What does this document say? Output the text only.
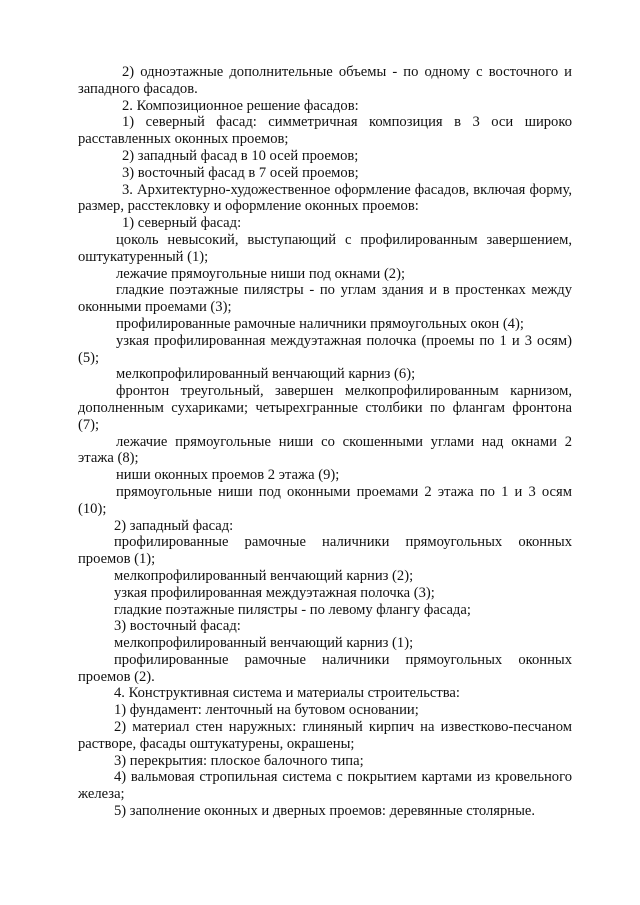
2) одноэтажные дополнительные объемы - по одному с восточного и западного фасадов.

2. Композиционное решение фасадов:

1) северный фасад: симметричная композиция в 3 оси широко расставленных оконных проемов;

2) западный фасад в 10 осей проемов;

3) восточный фасад в 7 осей проемов;

3. Архитектурно-художественное оформление фасадов, включая форму, размер, расстекловку и оформление оконных проемов:

1) северный фасад:

цоколь невысокий, выступающий с профилированным завершением, оштукатуренный (1);

лежачие прямоугольные ниши под окнами (2);

гладкие поэтажные пилястры - по углам здания и в простенках между оконными проемами (3);

профилированные рамочные наличники прямоугольных окон (4);

узкая профилированная междуэтажная полочка (проемы по 1 и 3 осям) (5);

мелкопрофилированный венчающий карниз (6);

фронтон треугольный, завершен мелкопрофилированным карнизом, дополненным сухариками; четырехгранные столбики по флангам фронтона (7);

лежачие прямоугольные ниши со скошенными углами над окнами 2 этажа (8);

ниши оконных проемов 2 этажа (9);

прямоугольные ниши под оконными проемами 2 этажа по 1 и 3 осям (10);

2) западный фасад:

профилированные рамочные наличники прямоугольных оконных проемов (1);

мелкопрофилированный венчающий карниз (2);

узкая профилированная междуэтажная полочка (3);

гладкие поэтажные пилястры - по левому флангу фасада;

3) восточный фасад:

мелкопрофилированный венчающий карниз (1);

профилированные рамочные наличники прямоугольных оконных проемов (2).

4. Конструктивная система и материалы строительства:

1) фундамент: ленточный на бутовом основании;

2) материал стен наружных: глиняный кирпич на известково-песчаном растворе, фасады оштукатурены, окрашены;

3) перекрытия: плоское балочного типа;

4) вальмовая стропильная система с покрытием картами из кровельного железа;

5) заполнение оконных и дверных проемов: деревянные столярные.
